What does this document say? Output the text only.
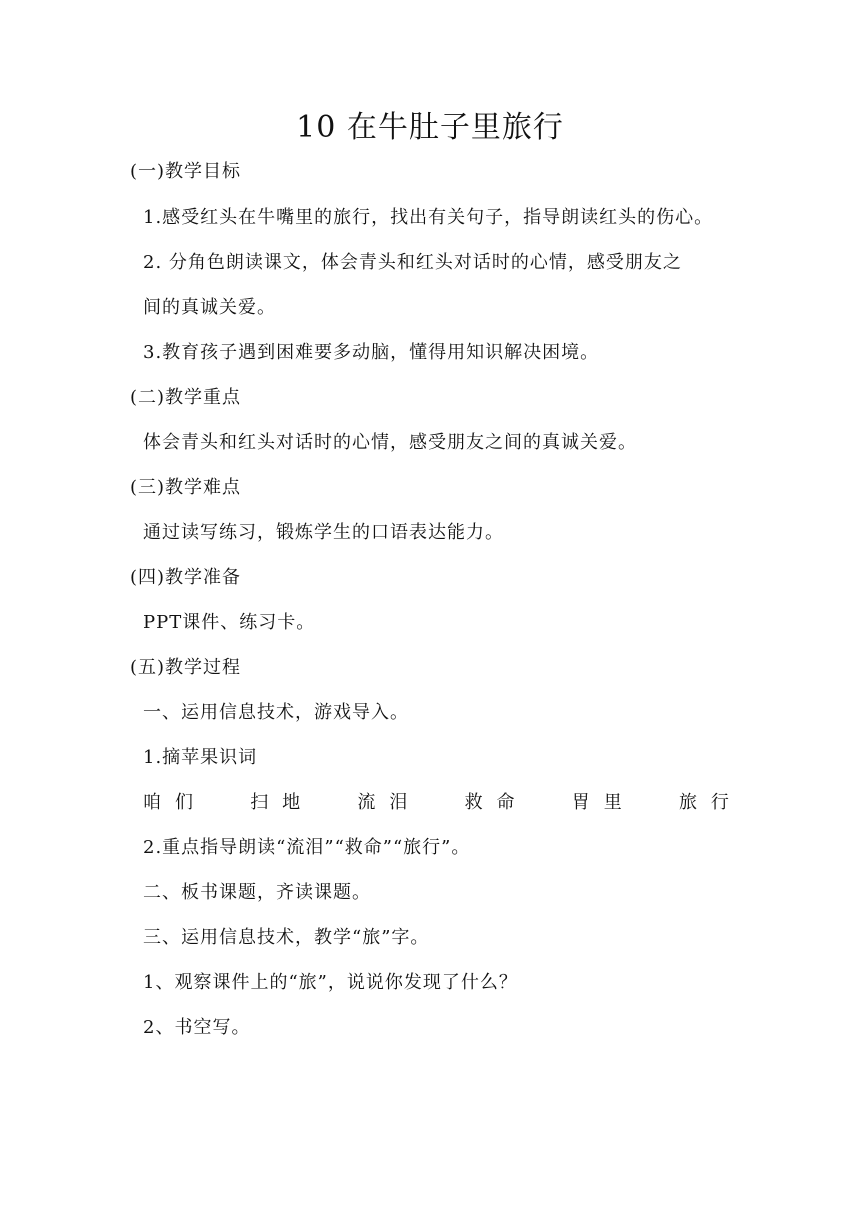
10 在牛肚子里旅行
(一)教学目标
1.感受红头在牛嘴里的旅行，找出有关句子，指导朗读红头的伤心。
2. 分角色朗读课文，体会青头和红头对话时的心情，感受朋友之
间的真诚关爱。
3.教育孩子遇到困难要多动脑，懂得用知识解决困境。
(二)教学重点
体会青头和红头对话时的心情，感受朋友之间的真诚关爱。
(三)教学难点
通过读写练习，锻炼学生的口语表达能力。
(四)教学准备
PPT课件、练习卡。
(五)教学过程
一、运用信息技术，游戏导入。
1.摘苹果识词
咱们 扫地 流泪 救命 胃里 旅行
2.重点指导朗读“流泪”“救命”“旅行”。
二、板书课题，齐读课题。
三、运用信息技术，教学“旅”字。
1、观察课件上的“旅”，说说你发现了什么？
2、书空写。
